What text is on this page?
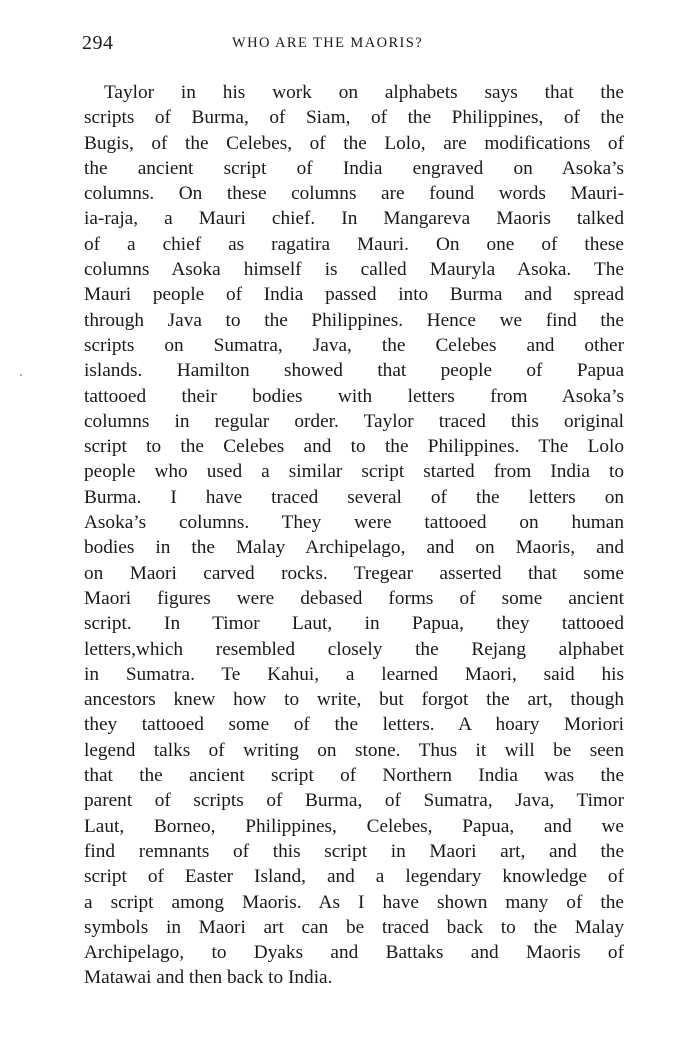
294	WHO ARE THE MAORIS?
Taylor in his work on alphabets says that the
scripts of Burma, of Siam, of the Philippines, of the
Bugis, of the Celebes, of the Lolo, are modifications of
the ancient script of India engraved on Asoka’s
columns. On these columns are found words Mauri-
ia-raja, a Mauri chief. In Mangareva Maoris talked
of a chief as ragatira Mauri. On one of these
columns Asoka himself is called Mauryla Asoka. The
Mauri people of India passed into Burma and spread
through Java to the Philippines. Hence we find the
scripts on Sumatra, Java, the Celebes and other
islands. Hamilton showed that people of Papua
tattooed their bodies with letters from Asoka’s
columns in regular order. Taylor traced this original
script to the Celebes and to the Philippines. The Lolo
people who used a similar script started from India to
Burma. I have traced several of the letters on
Asoka’s columns. They were tattooed on human
bodies in the Malay Archipelago, and on Maoris, and
on Maori carved rocks. Tregear asserted that some
Maori figures were debased forms of some ancient
script. In Timor Laut, in Papua, they tattooed
letters,which resembled closely the Rejang alphabet
in Sumatra. Te Kahui, a learned Maori, said his
ancestors knew how to write, but forgot the art, though
they tattooed some of the letters. A hoary Moriori
legend talks of writing on stone. Thus it will be seen
that the ancient script of Northern India was the
parent of scripts of Burma, of Sumatra, Java, Timor
Laut, Borneo, Philippines, Celebes, Papua, and we
find remnants of this script in Maori art, and the
script of Easter Island, and a legendary knowledge of
a script among Maoris. As I have shown many of the
symbols in Maori art can be traced back to the Malay
Archipelago, to Dyaks and Battaks and Maoris of
Matawai and then back to India.
